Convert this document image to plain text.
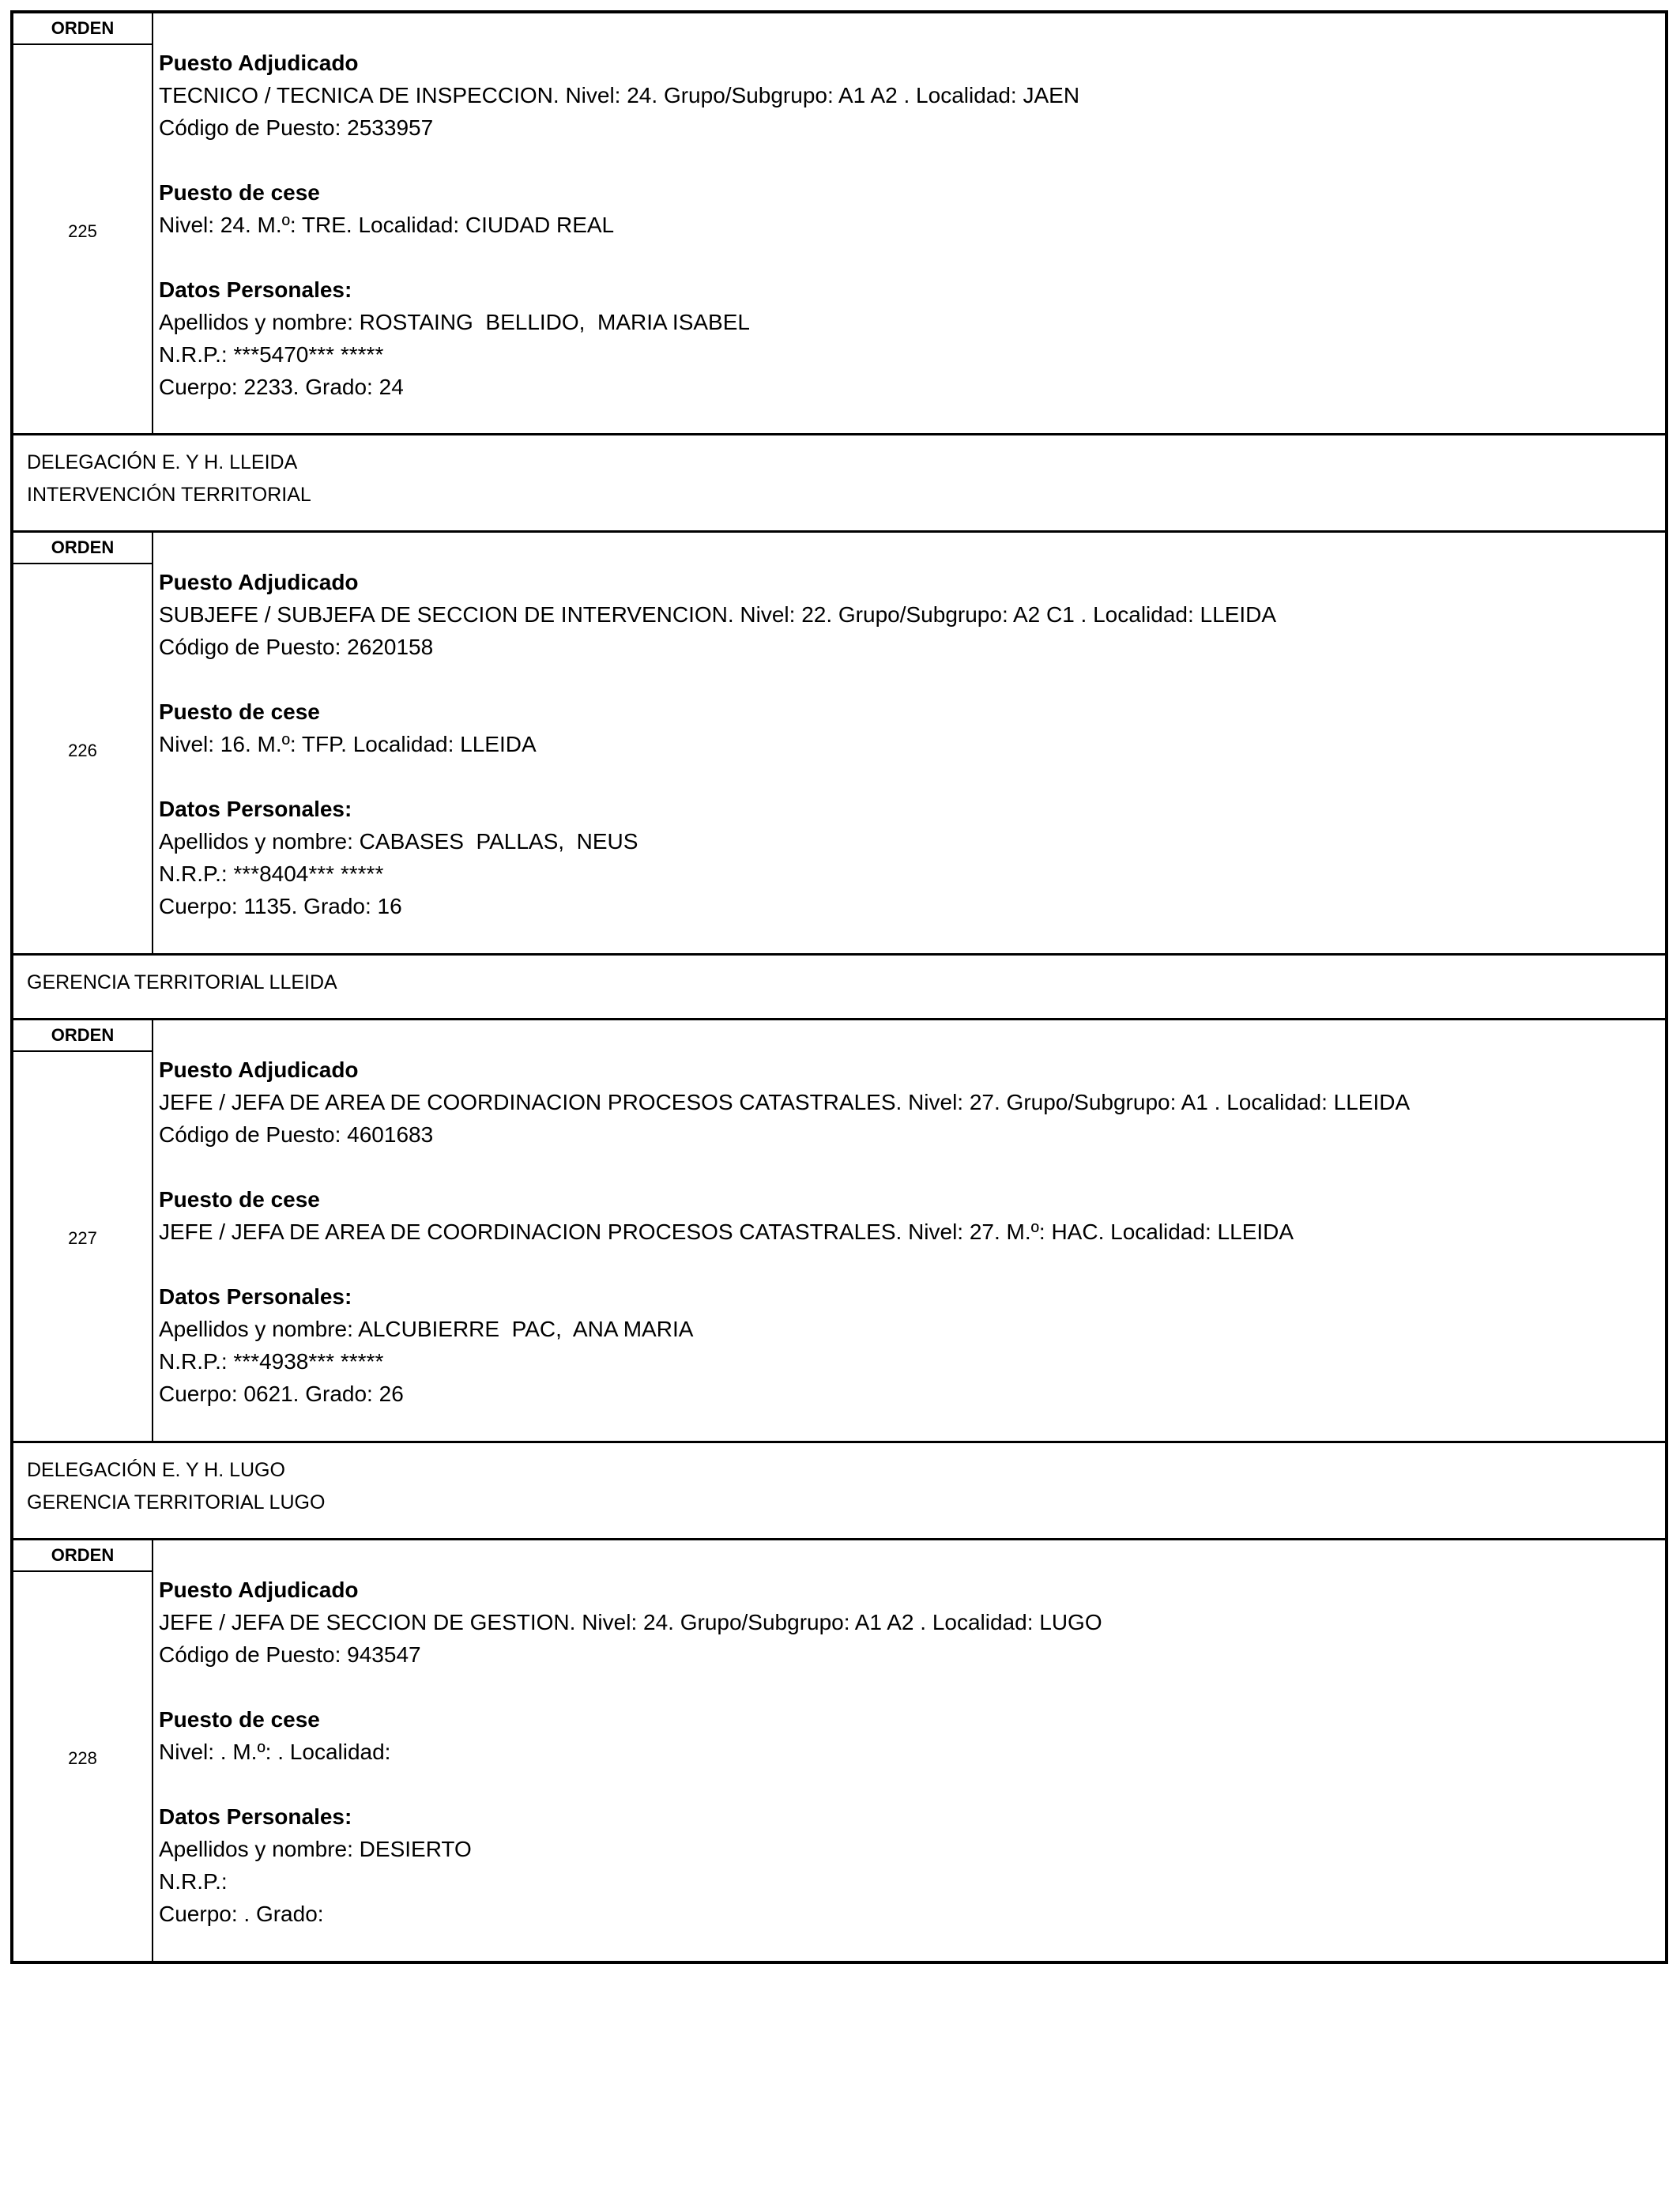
ORDEN
225
Puesto Adjudicado
TECNICO / TECNICA DE INSPECCION. Nivel: 24. Grupo/Subgrupo: A1 A2 . Localidad: JAEN
Código de Puesto: 2533957
Puesto de cese
Nivel: 24. M.º: TRE. Localidad: CIUDAD REAL
Datos Personales:
Apellidos y nombre: ROSTAING  BELLIDO,  MARIA ISABEL
N.R.P.: ***5470*** *****
Cuerpo: 2233. Grado: 24
DELEGACIÓN E. Y H. LLEIDA
INTERVENCIÓN TERRITORIAL
ORDEN
226
Puesto Adjudicado
SUBJEFE / SUBJEFA DE SECCION DE INTERVENCION. Nivel: 22. Grupo/Subgrupo: A2 C1 . Localidad: LLEIDA
Código de Puesto: 2620158
Puesto de cese
Nivel: 16. M.º: TFP. Localidad: LLEIDA
Datos Personales:
Apellidos y nombre: CABASES  PALLAS,  NEUS
N.R.P.: ***8404*** *****
Cuerpo: 1135. Grado: 16
GERENCIA TERRITORIAL LLEIDA
ORDEN
227
Puesto Adjudicado
JEFE / JEFA DE AREA DE COORDINACION PROCESOS CATASTRALES. Nivel: 27. Grupo/Subgrupo: A1 . Localidad: LLEIDA
Código de Puesto: 4601683
Puesto de cese
JEFE / JEFA DE AREA DE COORDINACION PROCESOS CATASTRALES. Nivel: 27. M.º: HAC. Localidad: LLEIDA
Datos Personales:
Apellidos y nombre: ALCUBIERRE  PAC,  ANA MARIA
N.R.P.: ***4938*** *****
Cuerpo: 0621. Grado: 26
DELEGACIÓN E. Y H. LUGO
GERENCIA TERRITORIAL LUGO
ORDEN
228
Puesto Adjudicado
JEFE / JEFA DE SECCION DE GESTION. Nivel: 24. Grupo/Subgrupo: A1 A2 . Localidad: LUGO
Código de Puesto: 943547
Puesto de cese
Nivel: . M.º: . Localidad:
Datos Personales:
Apellidos y nombre: DESIERTO
N.R.P.:
Cuerpo: . Grado:
